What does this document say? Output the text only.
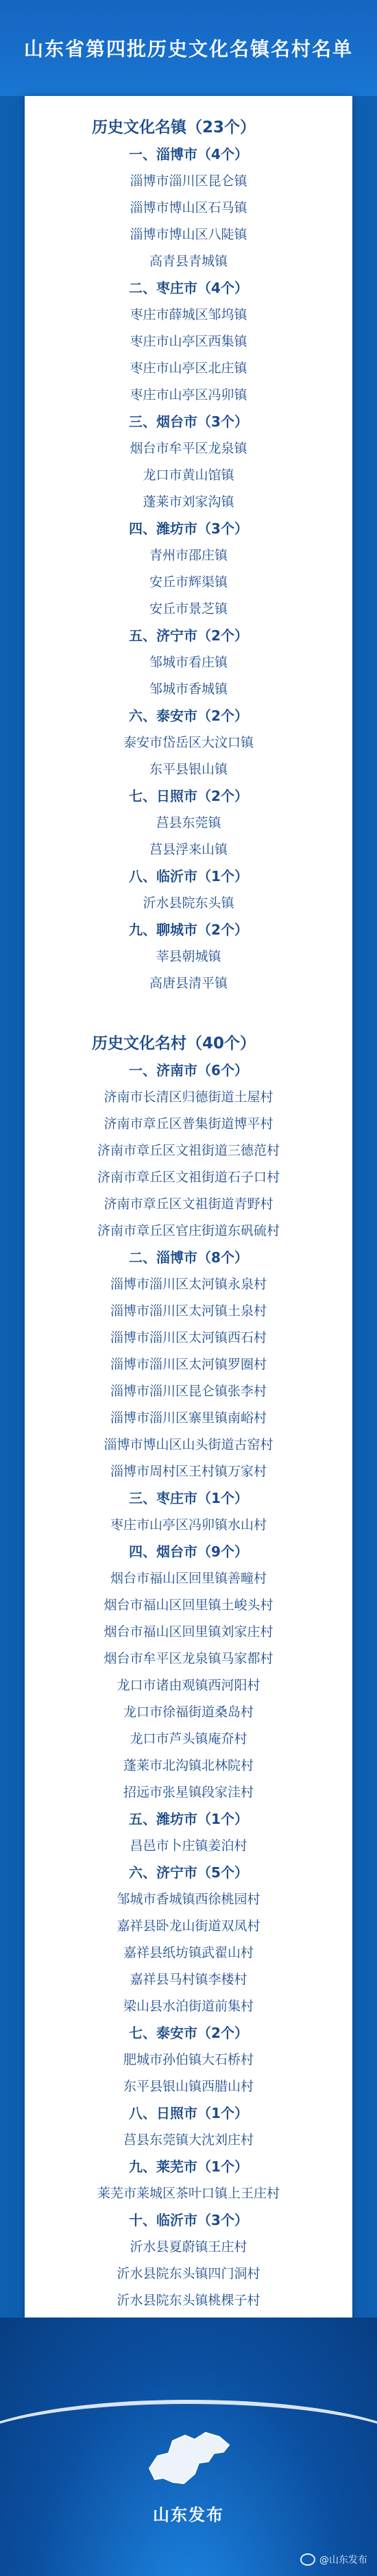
山东省第四批历史文化名镇名村名单
历史文化名镇（23个）
一、淄博市（4个）
淄博市淄川区昆仑镇
淄博市博山区石马镇
淄博市博山区八陡镇
高青县青城镇
二、枣庄市（4个）
枣庄市薛城区邹坞镇
枣庄市山亭区西集镇
枣庄市山亭区北庄镇
枣庄市山亭区冯卯镇
三、烟台市（3个）
烟台市牟平区龙泉镇
龙口市黄山馆镇
蓬莱市刘家沟镇
四、潍坊市（3个）
青州市邵庄镇
安丘市辉渠镇
安丘市景芝镇
五、济宁市（2个）
邹城市看庄镇
邹城市香城镇
六、泰安市（2个）
泰安市岱岳区大汶口镇
东平县银山镇
七、日照市（2个）
莒县东莞镇
莒县浮来山镇
八、临沂市（1个）
沂水县院东头镇
九、聊城市（2个）
莘县朝城镇
高唐县清平镇
历史文化名村（40个）
一、济南市（6个）
济南市长清区归德街道土屋村
济南市章丘区普集街道博平村
济南市章丘区文祖街道三德范村
济南市章丘区文祖街道石子口村
济南市章丘区文祖街道青野村
济南市章丘区官庄街道东矾硫村
二、淄博市（8个）
淄博市淄川区太河镇永泉村
淄博市淄川区太河镇土泉村
淄博市淄川区太河镇西石村
淄博市淄川区太河镇罗圈村
淄博市淄川区昆仑镇张李村
淄博市淄川区寨里镇南峪村
淄博市博山区山头街道古窑村
淄博市周村区王村镇万家村
三、枣庄市（1个）
枣庄市山亭区冯卯镇水山村
四、烟台市（9个）
烟台市福山区回里镇善疃村
烟台市福山区回里镇土峻头村
烟台市福山区回里镇刘家庄村
烟台市牟平区龙泉镇马家都村
龙口市诸由观镇西河阳村
龙口市徐福街道桑岛村
龙口市芦头镇庵夼村
蓬莱市北沟镇北林院村
招远市张星镇段家洼村
五、潍坊市（1个）
昌邑市卜庄镇姜泊村
六、济宁市（5个）
邹城市香城镇西徐桃园村
嘉祥县卧龙山街道双凤村
嘉祥县纸坊镇武翟山村
嘉祥县马村镇李楼村
梁山县水泊街道前集村
七、泰安市（2个）
肥城市孙伯镇大石桥村
东平县银山镇西腊山村
八、日照市（1个）
莒县东莞镇大沈刘庄村
九、莱芜市（1个）
莱芜市莱城区茶叶口镇上王庄村
十、临沂市（3个）
沂水县夏蔚镇王庄村
沂水县院东头镇四门洞村
沂水县院东头镇桃棵子村
山东发布
@山东发布
